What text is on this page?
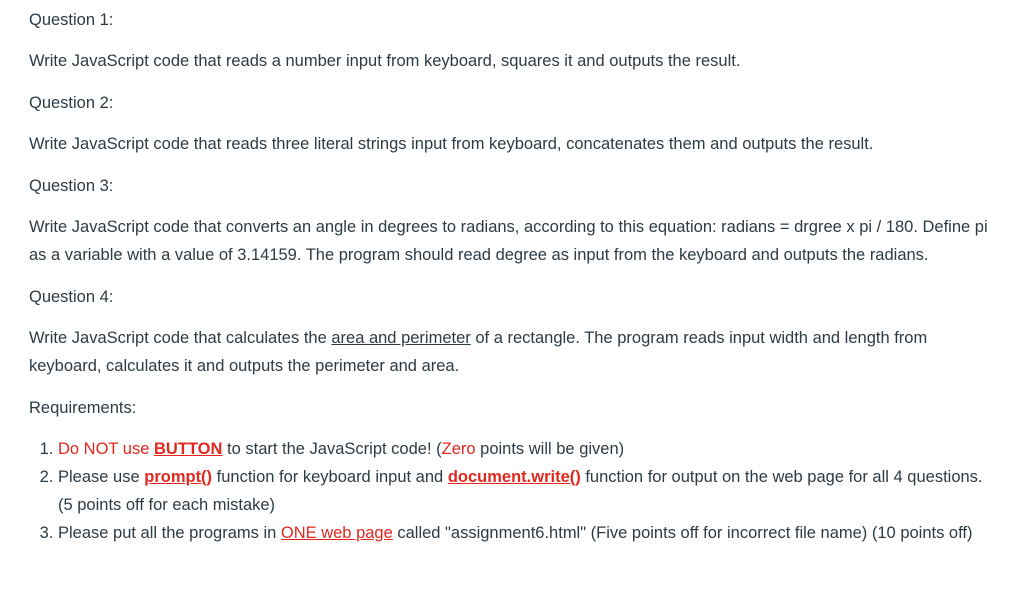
Question 1:

Write JavaScript code that reads a number input from keyboard, squares it and outputs the result.

Question 2:

Write JavaScript code that reads three literal strings input from keyboard, concatenates them and outputs the result.

Question 3:

Write JavaScript code that converts an angle in degrees to radians, according to this equation: radians = drgree x pi / 180. Define pi as a variable with a value of 3.14159. The program should read degree as input from the keyboard and outputs the radians.

Question 4:

Write JavaScript code that calculates the area and perimeter of a rectangle. The program reads input width and length from keyboard, calculates it and outputs the perimeter and area.

Requirements:

1. Do NOT use BUTTON to start the JavaScript code! (Zero points will be given)
2. Please use prompt() function for keyboard input and document.write() function for output on the web page for all 4 questions. (5 points off for each mistake)
3. Please put all the programs in ONE web page called "assignment6.html" (Five points off for incorrect file name) (10 points off)
